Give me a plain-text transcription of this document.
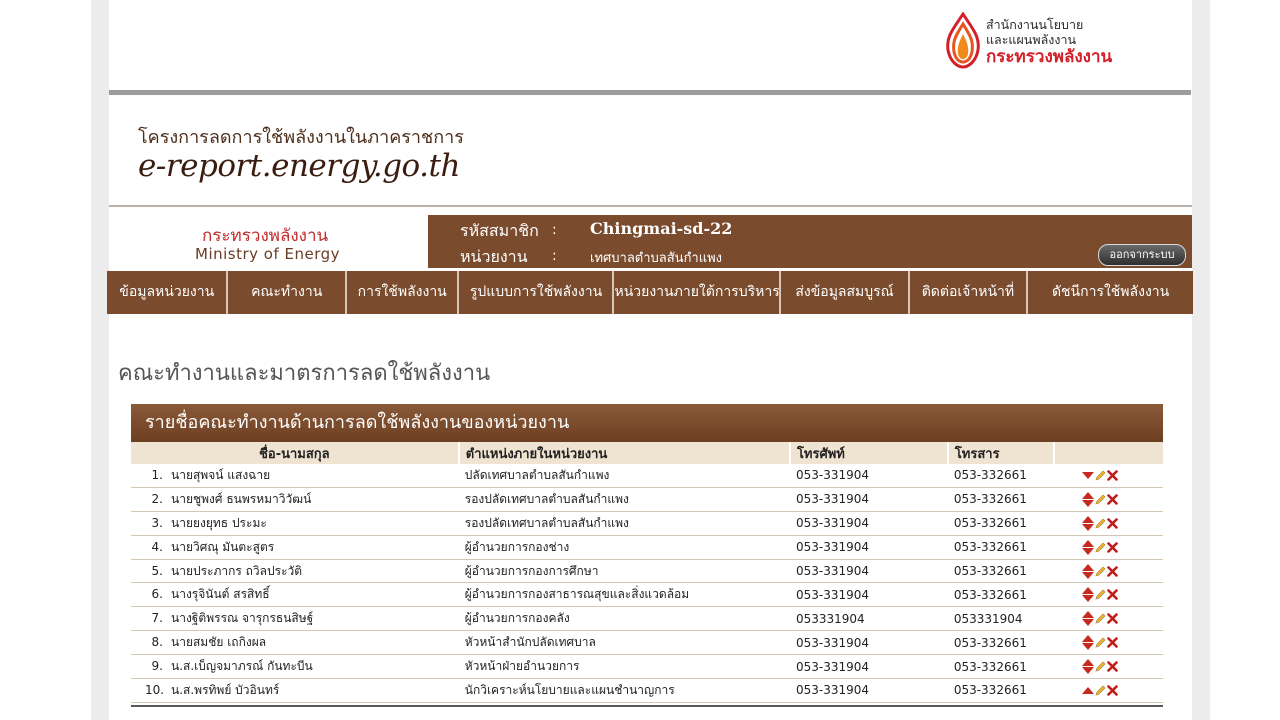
สำนักงานนโยบาย
และแผนพลังงาน
กระทรวงพลังงาน
โครงการลดการใช้พลังงานในภาคราชการ
e-report.energy.go.th
กระทรวงพลังงาน
Ministry of Energy
รหัสสมาชิก : Chingmai-sd-22
หน่วยงาน :	เทศบาลตำบลสันกำแพง	ออกจากระบบ
ข้อมูลหน่วยงาน	คณะทำงาน	การใช้พลังงาน	รูปแบบการใช้พลังงาน หน่วยงานภายใต้การบริหาร	ส่งข้อมูลสมบูรณ์	ติดต่อเจ้าหน้าที่	ดัชนีการใช้พลังงาน
คณะทำงานและมาตรการลดใช้พลังงาน
รายชื่อคณะทำงานด้านการลดใช้พลังงานของหน่วยงาน
ชื่อ-นามสกุล	ตำแหน่งภายในหน่วยงาน	โทรศัพท์	โทรสาร	
1. นายสุพจน์ แสงฉาย	ปลัดเทศบาลตำบลสันกำแพง	053-331904	053-332661	
2. นายชูพงศ์ ธนพรหมาวิวัฒน์	รองปลัดเทศบาลตำบลสันกำแพง	053-331904	053-332661	

3. นายยงยุทธ ประมะ	รองปลัดเทศบาลตำบลสันกำแพง	053-331904	053-332661	

4. นายวิศณุ มันตะสูตร	ผู้อำนวยการกองช่าง	053-331904	053-332661	

5. นายประภากร ถวิลประวัติ	ผู้อำนวยการกองการศึกษา	053-331904	053-332661	

6. นางรุจินันต์ สรสิทธิ์	ผู้อำนวยการกองสาธารณสุขและสิ่งแวดล้อม	053-331904	053-332661	

7. นางฐิติพรรณ จารุกรธนสิษฐ์	ผู้อำนวยการกองคลัง	053331904	053331904	

8. นายสมชัย เถกิงผล	หัวหน้าสำนักปลัดเทศบาล	053-331904	053-332661	

9. น.ส.เบ็ญจมาภรณ์ กันทะบีน	หัวหน้าฝ่ายอำนวยการ	053-331904	053-332661	

10. น.ส.พรทิพย์ บัวอินทร์	นักวิเคราะห์นโยบายและแผนชำนาญการ	053-331904	053-332661	
